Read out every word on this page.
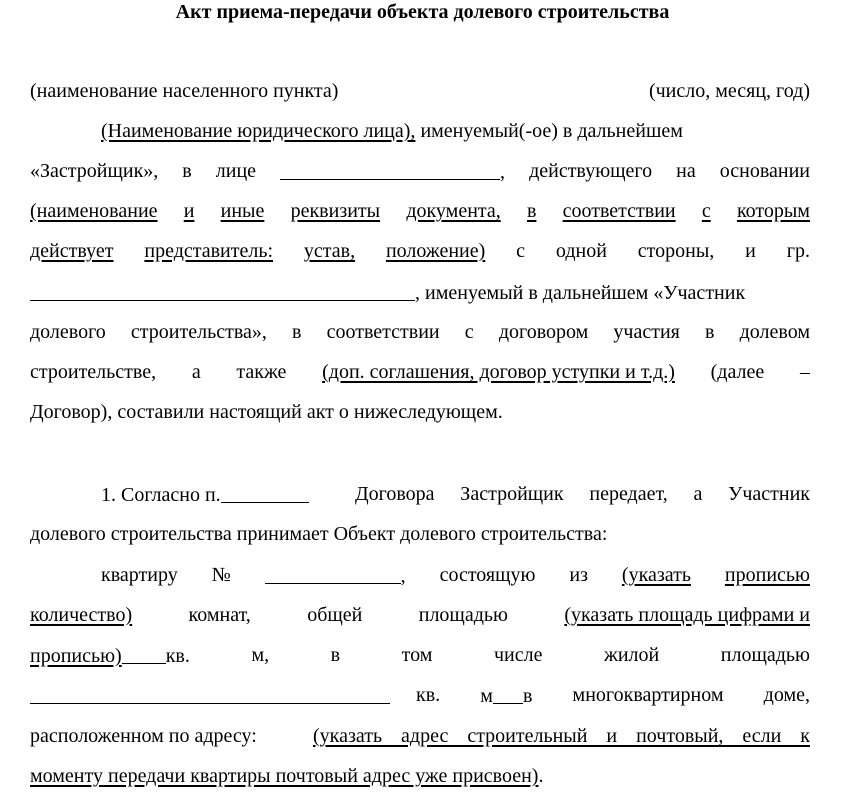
Акт приема-передачи объекта долевого строительства
(наименование населенного пункта)	(число, месяц, год)
(Наименование юридического лица), именуемый(-ое) в дальнейшем
«Застройщик», в лице	, действующего на основании
(наименование и иные реквизиты документа, в соответствии с которым
действует представитель: устав, положение) с одной стороны, и гр.
, именуемый в дальнейшем «Участник
долевого строительства», в соответствии с договором участия в долевом
строительстве, а также (доп. соглашения, договор уступки и т.д.) (далее –
Договор), составили настоящий акт о нижеследующем.
1. Согласно п.	Договора Застройщик передает, а Участник
долевого строительства принимает Объект долевого строительства:
квартиру №	, состоящую из (указать прописью
количество)	комнат,	общей	площадью	(указать площадь цифрами и
прописью) кв.	м,	в	том	числе	жилой	площадью
кв. м в многоквартирном доме,
расположенном по адресу:	(указать адрес строительный и почтовый, если к
моменту передачи квартиры почтовый адрес уже присвоен).
